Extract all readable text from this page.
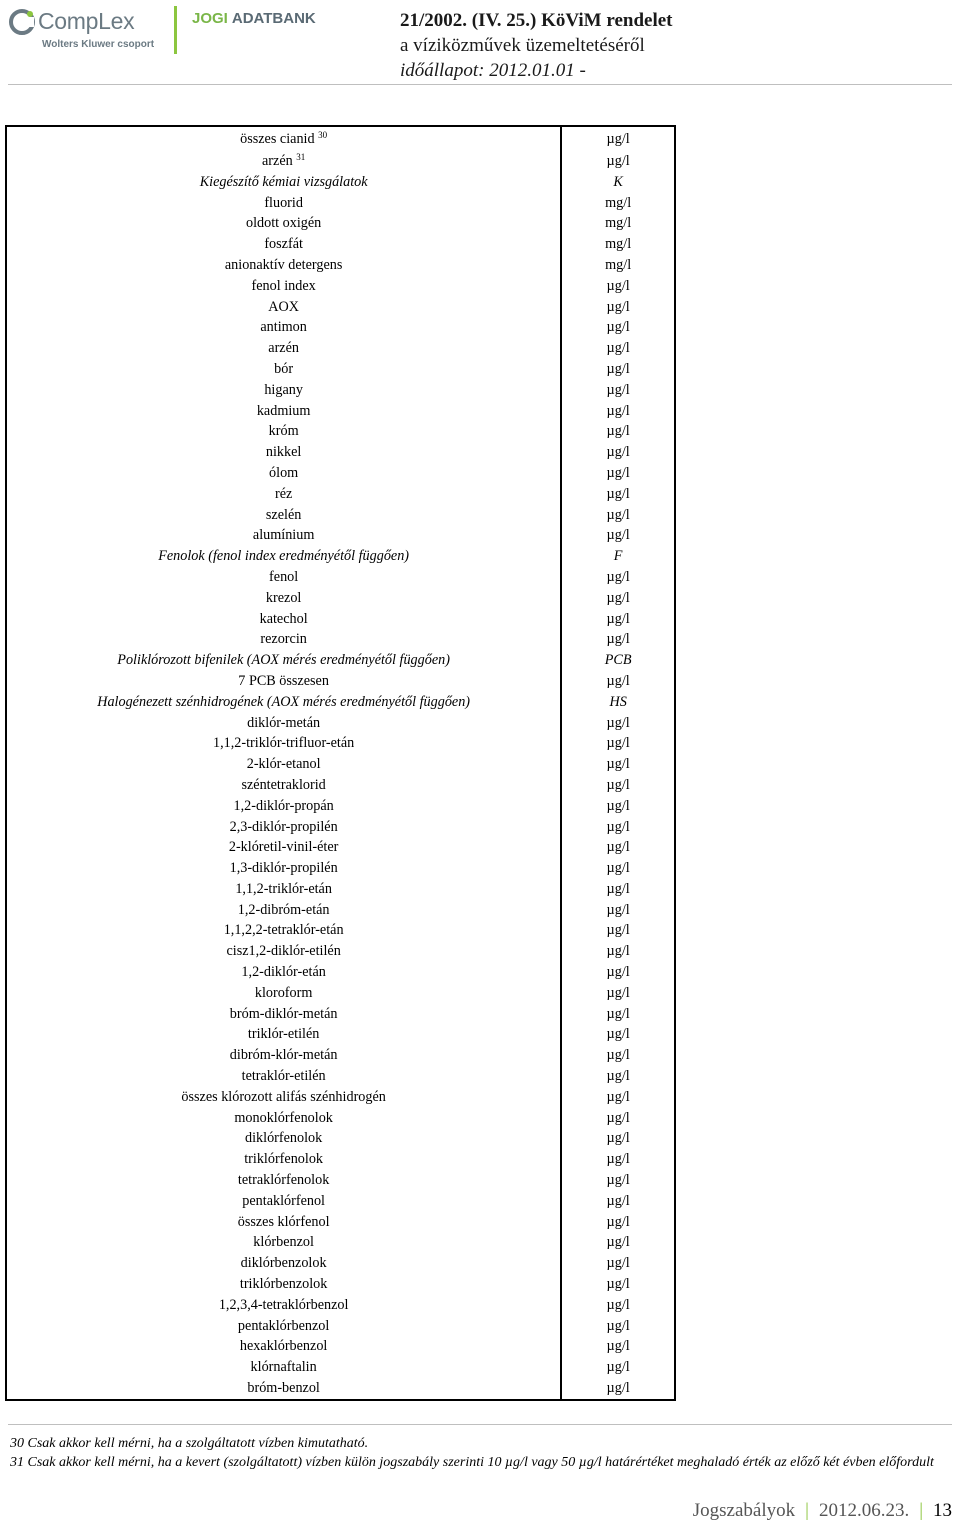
CompLex
Wolters Kluwer csoport
JOGI ADATBANK	21/2002. (IV. 25.) KöViM rendelet
a víziközművek üzemeltetéséről
időállapot: 2012.01.01 -
összes cianid $^{30}$	µg/l
arzén $^{31}$	µg/l
Kiegészítő kémiai vizsgálatok	K
fluorid	mg/l
oldott oxigén	mg/l
foszfát	mg/l
anionaktív detergens	mg/l
fenol index	µg/l
AOX	µg/l
antimon	µg/l
arzén	µg/l
bór	µg/l
higany	µg/l
kadmium	µg/l
króm	µg/l
nikkel	µg/l
ólom	µg/l
réz	µg/l
szelén	µg/l
alumínium	µg/l
Fenolok (fenol index eredményétől függően)	F
fenol	µg/l
krezol	µg/l
katechol	µg/l
rezorcin	µg/l
Poliklórozott bifenilek (AOX mérés eredményétől függően)	PCB
7 PCB összesen	µg/l
Halogénezett szénhidrogének (AOX mérés eredményétől függően)	HS
diklór-metán	µg/l
1,1,2-triklór-trifluor-etán	µg/l
2-klór-etanol	µg/l
széntetraklorid	µg/l
1,2-diklór-propán	µg/l
2,3-diklór-propilén	µg/l
2-klóretil-vinil-éter	µg/l
1,3-diklór-propilén	µg/l
1,1,2-triklór-etán	µg/l
1,2-dibróm-etán	µg/l
1,1,2,2-tetraklór-etán	µg/l
cisz1,2-diklór-etilén	µg/l
1,2-diklór-etán	µg/l
kloroform	µg/l
bróm-diklór-metán	µg/l
triklór-etilén	µg/l
dibróm-klór-metán	µg/l
tetraklór-etilén	µg/l
összes klórozott alifás szénhidrogén	µg/l
monoklórfenolok	µg/l
diklórfenolok	µg/l
triklórfenolok	µg/l
tetraklórfenolok	µg/l
pentaklórfenol	µg/l
összes klórfenol	µg/l
klórbenzol	µg/l
diklórbenzolok	µg/l
triklórbenzolok	µg/l
1,2,3,4-tetraklórbenzol	µg/l
pentaklórbenzol	µg/l
hexaklórbenzol	µg/l
klórnaftalin	µg/l
bróm-benzol	µg/l
30 Csak akkor kell mérni, ha a szolgáltatott vízben kimutatható.
31 Csak akkor kell mérni, ha a kevert (szolgáltatott) vízben külön jogszabály szerinti 10 µg/l vagy 50 µg/l határértéket meghaladó érték az előző két évben előfordult
Jogszabályok | 2012.06.23. | 13
